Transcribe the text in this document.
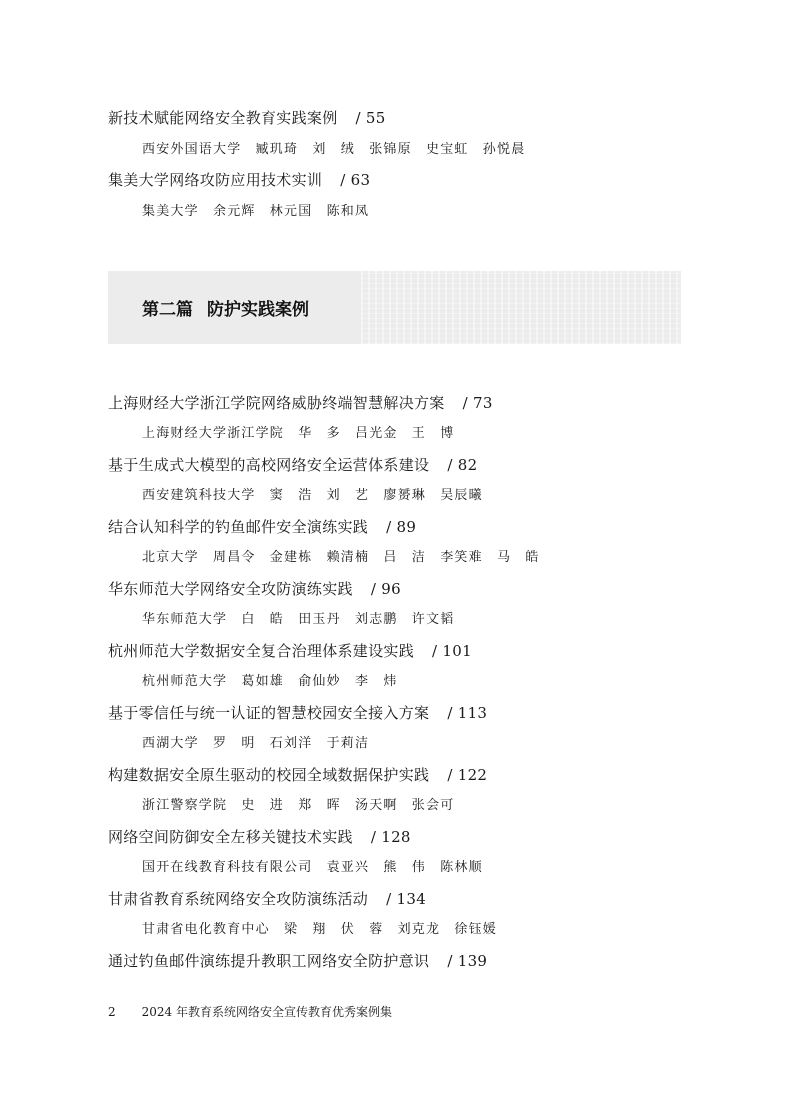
新技术赋能网络安全教育实践案例 / 55
西安外国语大学　臧玑琦　刘　绒　张锦原　史宝虹　孙悦晨
集美大学网络攻防应用技术实训 / 63
集美大学　余元辉　林元国　陈和凤
第二篇 防护实践案例
上海财经大学浙江学院网络威胁终端智慧解决方案 / 73
上海财经大学浙江学院　华　多　吕光金　王　博
基于生成式大模型的高校网络安全运营体系建设 / 82
西安建筑科技大学　窦　浩　刘　艺　廖赟琳　吴辰曦
结合认知科学的钓鱼邮件安全演练实践 / 89
北京大学　周昌令　金建栋　赖清楠　吕　洁　李笑难　马　皓
华东师范大学网络安全攻防演练实践 / 96
华东师范大学　白　皓　田玉丹　刘志鹏　许文韬
杭州师范大学数据安全复合治理体系建设实践 / 101
杭州师范大学　葛如雄　俞仙妙　李　炜
基于零信任与统一认证的智慧校园安全接入方案 / 113
西湖大学　罗　明　石刘洋　于莉洁
构建数据安全原生驱动的校园全域数据保护实践 / 122
浙江警察学院　史　进　郑　晖　汤天啊　张会可
网络空间防御安全左移关键技术实践 / 128
国开在线教育科技有限公司　袁亚兴　熊　伟　陈林顺
甘肃省教育系统网络安全攻防演练活动 / 134
甘肃省电化教育中心　梁　翔　伏　蓉　刘克龙　徐钰媛
通过钓鱼邮件演练提升教职工网络安全防护意识 / 139
2 2024 年教育系统网络安全宣传教育优秀案例集
